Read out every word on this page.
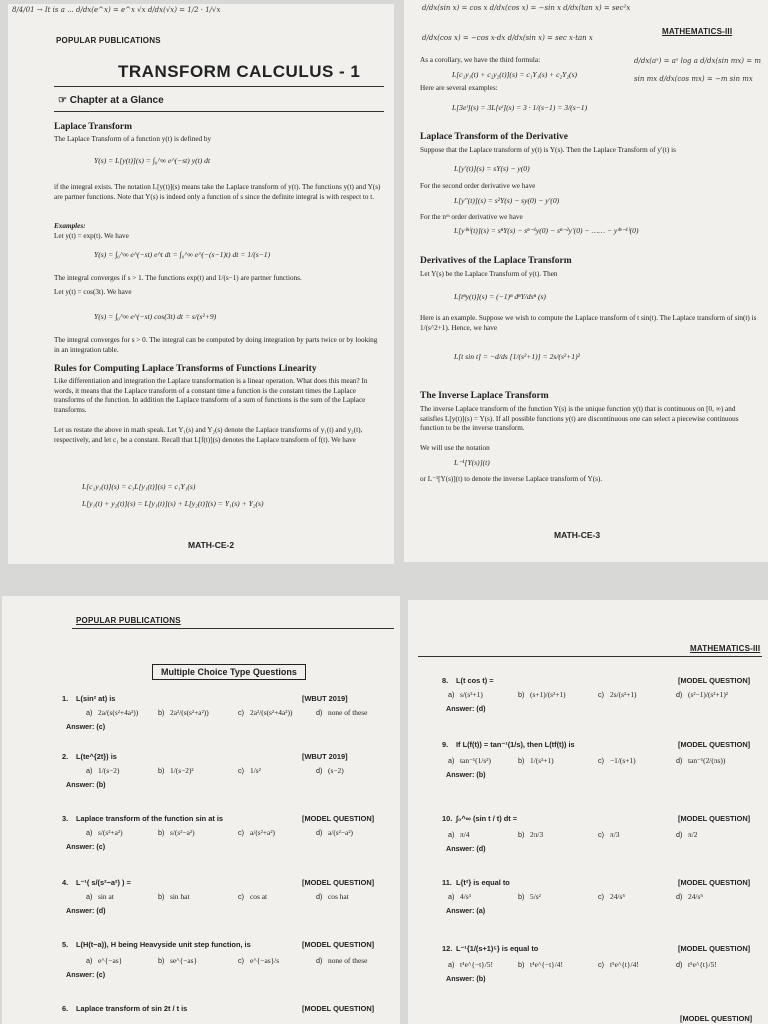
8/4/01 → It is a ... d/dx(e^x) = e^x √x d/dx(√x) = 1/2 · 1/√x
POPULAR PUBLICATIONS
TRANSFORM CALCULUS - 1
☞ Chapter at a Glance
Laplace Transform
The Laplace Transform of a function y(t) is defined by
Y(s) = L[y(t)](s) = ∫₀^∞ e^(−st) y(t) dt
if the integral exists. The notation L[y(t)](s) means take the Laplace transform of y(t). The functions y(t) and Y(s) are partner functions. Note that Y(s) is indeed only a function of s since the definite integral is with respect to t.
Examples:
Let y(t) = exp(t). We have
Y(s) = ∫₀^∞ e^(−st) e^t dt = ∫₀^∞ e^(−(s−1)t) dt = 1/(s−1)
The integral converges if s > 1. The functions exp(t) and 1/(s−1) are partner functions.
Let y(t) = cos(3t). We have
Y(s) = ∫₀^∞ e^(−st) cos(3t) dt = s/(s²+9)
The integral converges for s > 0. The integral can be computed by doing integration by parts twice or by looking in an integration table.
Rules for Computing Laplace Transforms of Functions Linearity
Like differentiation and integration the Laplace transformation is a linear operation. What does this mean? In words, it means that the Laplace transform of a constant time a function is the constant times the Laplace transforms of the function. In addition the Laplace transform of a sum of functions is the sum of the Laplace transforms.
Let us restate the above in math speak. Let Y₁(s) and Y₂(s) denote the Laplace transforms of y₁(t) and y₂(t), respectively, and let c₁ be a constant. Recall that L[f(t)](s) denotes the Laplace transform of f(t). We have
L[c₁y₁(t)](s) = c₁L[y₁(t)](s) = c₁Y₁(s)
L[y₁(t) + y₂(t)](s) = L[y₁(t)](s) + L[y₂(t)](s) = Y₁(s) + Y₂(s)
MATH-CE-2
d/dx(sin x) = cos x d/dx(cos x) = −sin x d/dx(tan x) = sec²x
d/dx(cos x) = −cos x·dx d/dx(sin x) = sec x·tan x
MATHEMATICS-III
d/dx(aˣ) = aˣ log a d/dx(sin mx) = m sin mx d/dx(cos mx) = −m sin mx
As a corollary, we have the third formula:
L[c₁y₁(t) + c₂y₂(t)](s) = c₁Y₁(s) + c₂Y₂(s)
Here are several examples:
L[3eᵗ](s) = 3L[eᵗ](s) = 3 · 1/(s−1) = 3/(s−1)
Laplace Transform of the Derivative
Suppose that the Laplace transform of y(t) is Y(s). Then the Laplace Transform of y′(t) is
L[y′(t)](s) = sY(s) − y(0)
For the second order derivative we have
L[y″(t)](s) = s²Y(s) − sy(0) − y′(0)
For the nᵗʰ order derivative we have
L[y⁽ⁿ⁾(t)](s) = sⁿY(s) − sⁿ⁻¹y(0) − sⁿ⁻²y′(0) − …… − y⁽ⁿ⁻¹⁾(0)
Derivatives of the Laplace Transform
Let Y(s) be the Laplace Transform of y(t). Then
L[tⁿy(t)](s) = (−1)ⁿ dⁿY/dsⁿ (s)
Here is an example. Suppose we wish to compute the Laplace transform of t sin(t). The Laplace transform of sin(t) is 1/(s^2+1). Hence, we have
L[t sin t] = −d/ds [1/(s²+1)] = 2s/(s²+1)²
The Inverse Laplace Transform
The inverse Laplace transform of the function Y(s) is the unique function y(t) that is continuous on [0, ∞) and satisfies L[y(t)](s) = Y(s). If all possible functions y(t) are discontinuous one can select a piecewise continuous function to be the inverse transform.
We will use the notation
L⁻¹[Y(s)](t)
or L⁻¹[Y(s)](t) to denote the inverse Laplace transform of Y(s).
MATH-CE-3
POPULAR PUBLICATIONS
Multiple Choice Type Questions
1. L(sin² at) is	[WBUT 2019]
a) 2a/(s(s²+4a²))	b) 2a²/(s(s²+a²))	c) 2a²/(s(s²+4a²))	d) none of these
Answer: (c)
2. L(te^{2t}) is	[WBUT 2019]
a) 1/(s−2)	b) 1/(s−2)²	c) 1/s²	d) (s−2)
Answer: (b)
3. Laplace transform of the function sin at is	[MODEL QUESTION]
a) s/(s²+a²)	b) s/(s²−a²)	c) a/(s²+a²)	d) a/(s²−a²)
Answer: (c)
4. L⁻¹( s/(s²−a²) ) =	[MODEL QUESTION]
a) sin at	b) sin hat	c) cos at	d) cos hat
Answer: (d)
5. L(H(t−a)), H being Heavyside unit step function, is	[MODEL QUESTION]
a) e^{−as}	b) se^{−as}	c) e^{−as}/s	d) none of these
Answer: (c)
6. Laplace transform of sin 2t / t is	[MODEL QUESTION]
MATHEMATICS-III
8. L(t cos t) =	[MODEL QUESTION]
a) s/(s²+1)	b) (s+1)/(s²+1)	c) 2s/(s²+1)	d) (s²−1)/(s²+1)²
Answer: (d)
9. If L(f(t)) = tan⁻¹(1/s), then L(tf(t)) is	[MODEL QUESTION]
a) tan⁻¹(1/s²)	b) 1/(s²+1)	c) −1/(s+1)	d) tan⁻¹(2/(πs))
Answer: (b)
10. ∫₀^∞ (sin t / t) dt =	[MODEL QUESTION]
a) π/4	b) 2π/3	c) π/3	d) π/2
Answer: (d)
11. L{t²} is equal to	[MODEL QUESTION]
a) 4/s³	b) 5/s²	c) 24/s⁵	d) 24/s⁵
Answer: (a)
12. L⁻¹{1/(s+1)⁵} is equal to	[MODEL QUESTION]
a) t⁴e^{−t}/5!	b) t⁴e^{−t}/4!	c) t⁵e^{t}/4!	d) t⁵e^{t}/5!
Answer: (b)
[MODEL QUESTION]
